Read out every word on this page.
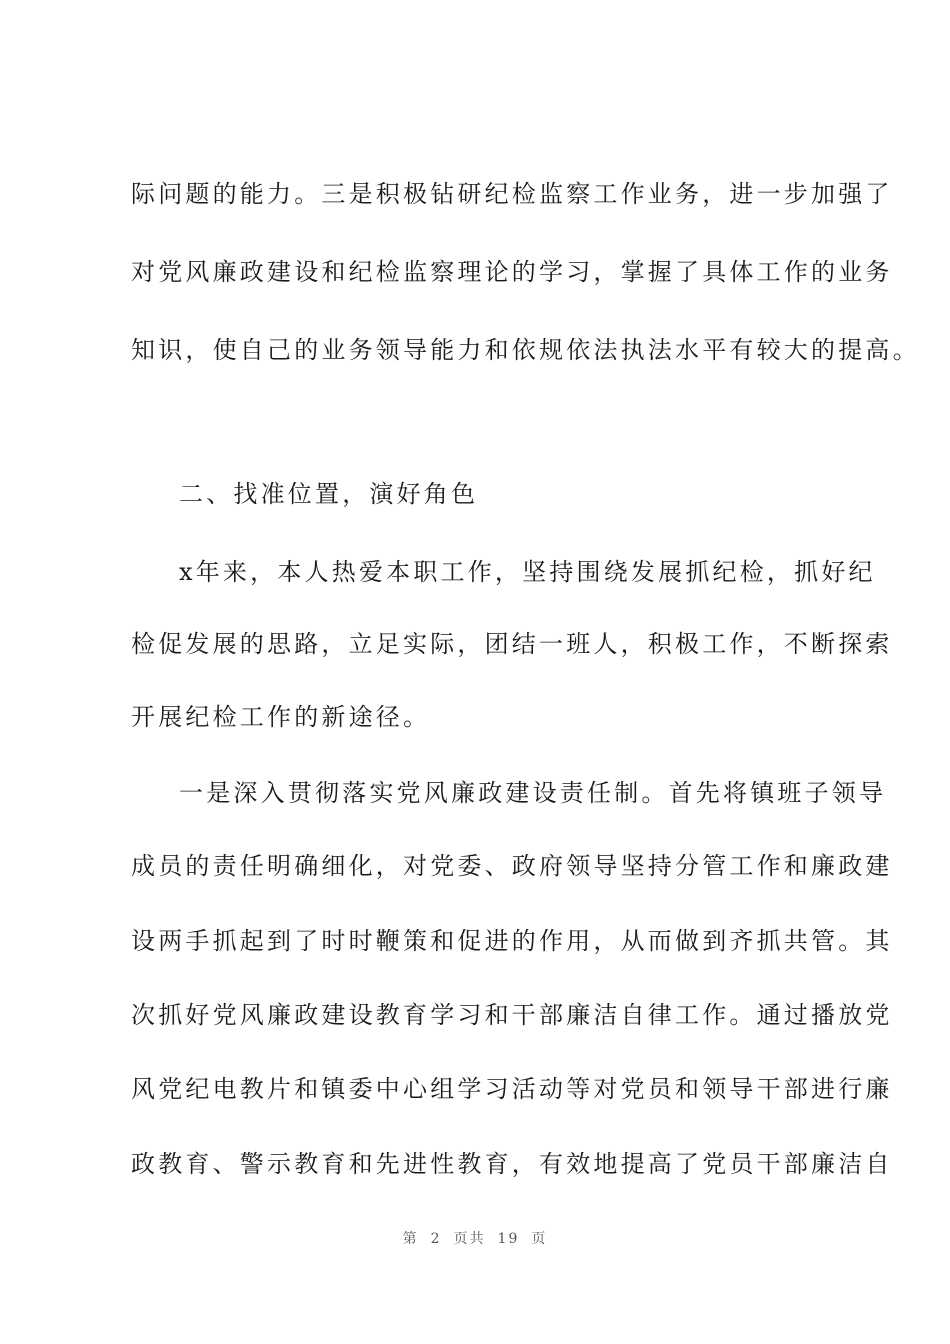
际问题的能力。三是积极钻研纪检监察工作业务，进一步加强了
对党风廉政建设和纪检监察理论的学习，掌握了具体工作的业务
知识，使自己的业务领导能力和依规依法执法水平有较大的提高。
二、找准位置，演好角色
x年来，本人热爱本职工作，坚持围绕发展抓纪检，抓好纪
检促发展的思路，立足实际，团结一班人，积极工作，不断探索
开展纪检工作的新途径。
一是深入贯彻落实党风廉政建设责任制。首先将镇班子领导
成员的责任明确细化，对党委、政府领导坚持分管工作和廉政建
设两手抓起到了时时鞭策和促进的作用，从而做到齐抓共管。其
次抓好党风廉政建设教育学习和干部廉洁自律工作。通过播放党
风党纪电教片和镇委中心组学习活动等对党员和领导干部进行廉
政教育、警示教育和先进性教育，有效地提高了党员干部廉洁自
第 2 页共 19 页
